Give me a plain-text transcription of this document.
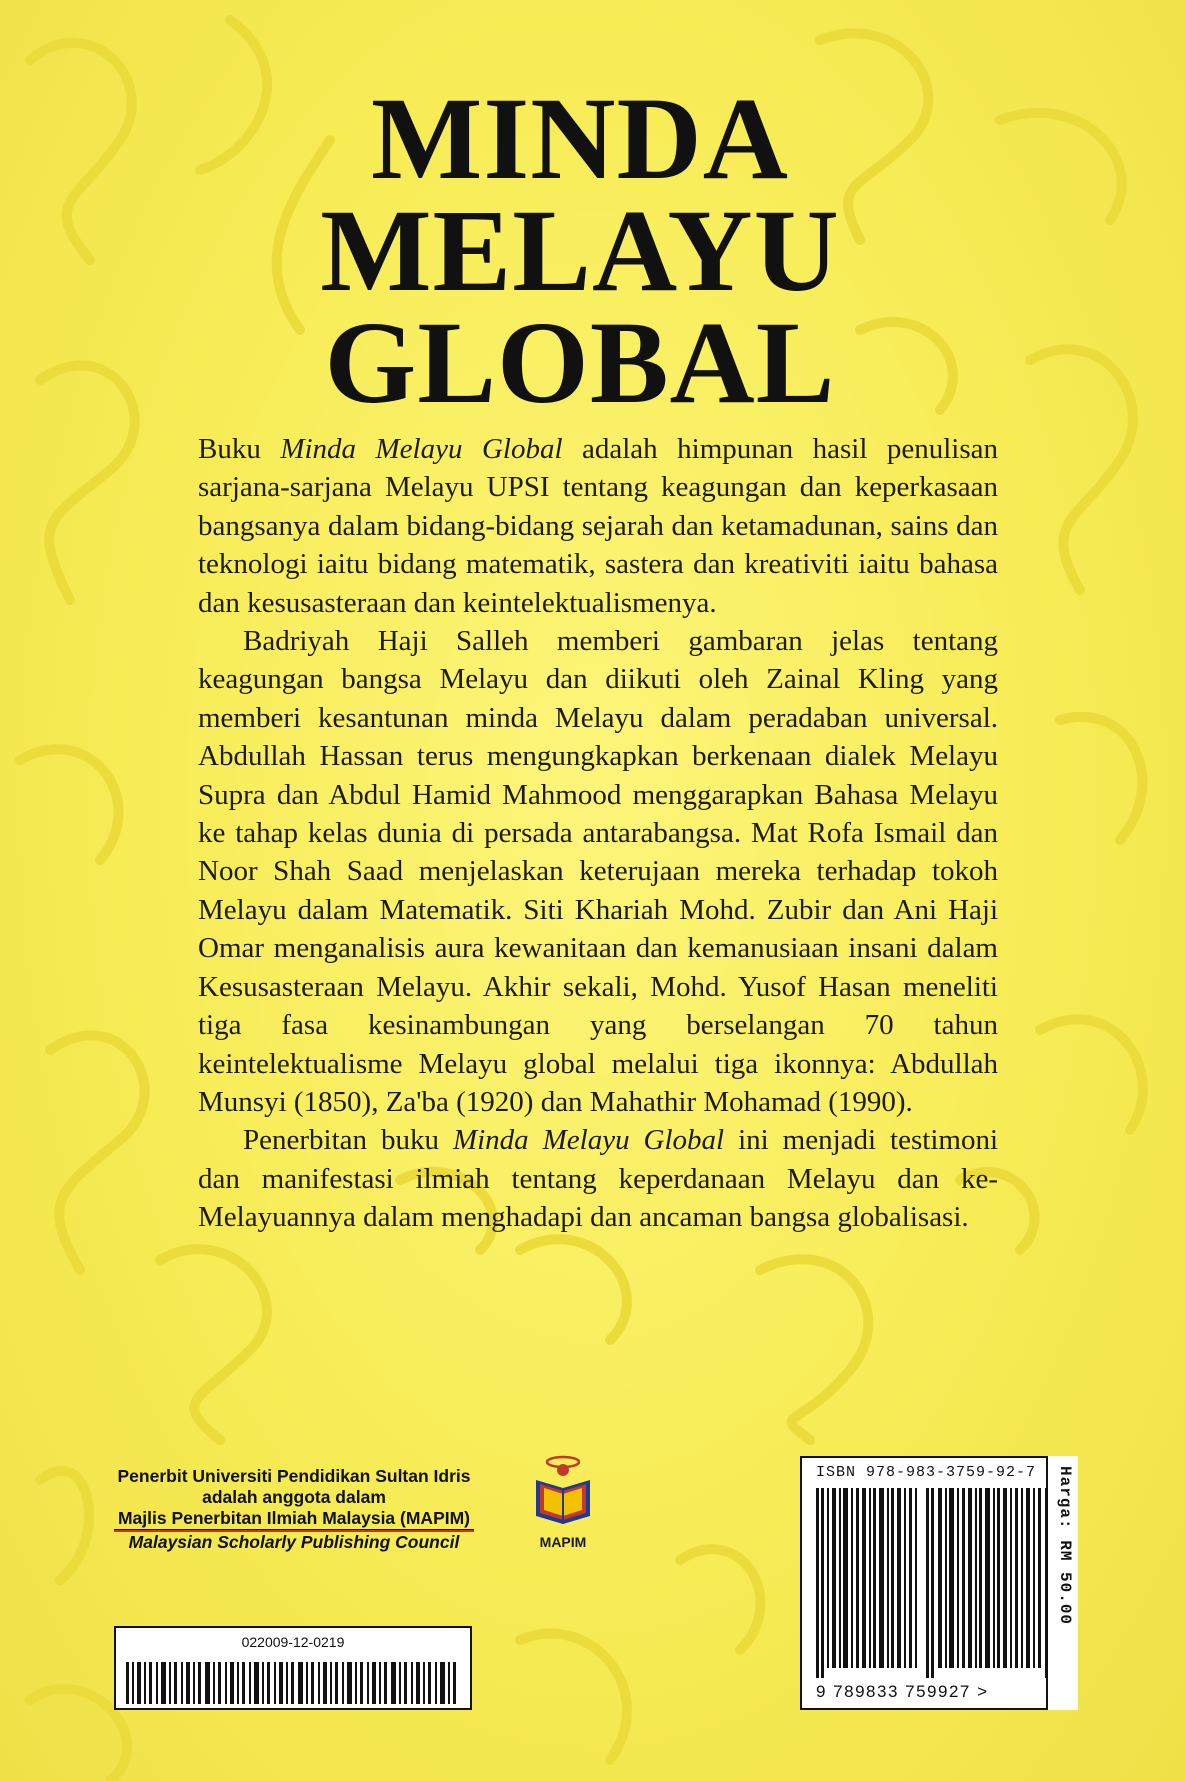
MINDA
MELAYU
GLOBAL

Buku Minda Melayu Global adalah himpunan hasil penulisan sarjana-sarjana Melayu UPSI tentang keagungan dan keperkasaan bangsanya dalam bidang-bidang sejarah dan ketamadunan, sains dan teknologi iaitu bidang matematik, sastera dan kreativiti iaitu bahasa dan kesusasteraan dan keintelektualismenya.

Badriyah Haji Salleh memberi gambaran jelas tentang keagungan bangsa Melayu dan diikuti oleh Zainal Kling yang memberi kesantunan minda Melayu dalam peradaban universal. Abdullah Hassan terus mengungkapkan berkenaan dialek Melayu Supra dan Abdul Hamid Mahmood menggarapkan Bahasa Melayu ke tahap kelas dunia di persada antarabangsa. Mat Rofa Ismail dan Noor Shah Saad menjelaskan keterujaan mereka terhadap tokoh Melayu dalam Matematik. Siti Khariah Mohd. Zubir dan Ani Haji Omar menganalisis aura kewanitaan dan kemanusiaan insani dalam Kesusasteraan Melayu. Akhir sekali, Mohd. Yusof Hasan meneliti tiga fasa kesinambungan yang berselangan 70 tahun keintelektualisme Melayu global melalui tiga ikonnya: Abdullah Munsyi (1850), Za'ba (1920) dan Mahathir Mohamad (1990).

Penerbitan buku Minda Melayu Global ini menjadi testimoni dan manifestasi ilmiah tentang keperdanaan Melayu dan ke-Melayuannya dalam menghadapi dan ancaman bangsa globalisasi.

Penerbit Universiti Pendidikan Sultan Idris
adalah anggota dalam
Majlis Penerbitan Ilmiah Malaysia (MAPIM)
Malaysian Scholarly Publishing Council	MAPIM
022009-12-0219
ISBN 978-983-3759-92-7
9 789833 759927 >
Harga: RM 50.00
